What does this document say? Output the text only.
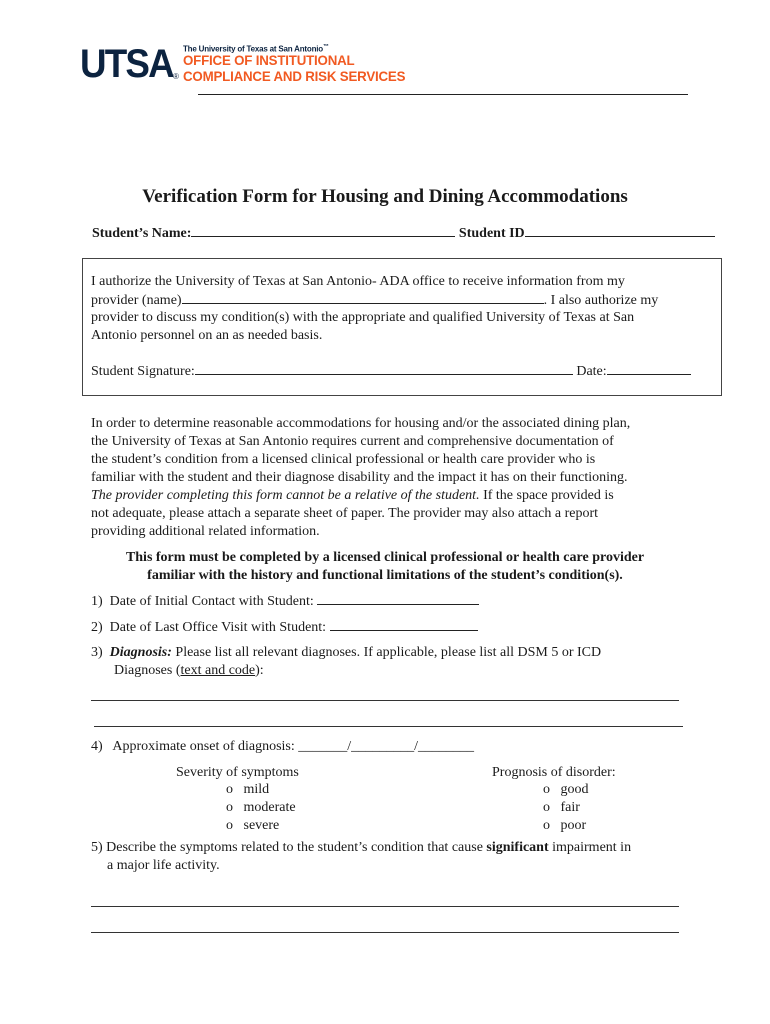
UTSA ®
The University of Texas at San Antonio™
OFFICE OF INSTITUTIONAL
COMPLIANCE AND RISK SERVICES
Verification Form for Housing and Dining Accommodations
Student’s Name:	Student ID
I authorize the University of Texas at San Antonio- ADA office to receive information from my
provider (name)	. I also authorize my
provider to discuss my condition(s) with the appropriate and qualified University of Texas at San
Antonio personnel on an as needed basis.
Student Signature:	Date:
In order to determine reasonable accommodations for housing and/or the associated dining plan,
the University of Texas at San Antonio requires current and comprehensive documentation of
the student’s condition from a licensed clinical professional or health care provider who is
familiar with the student and their diagnose disability and the impact it has on their functioning.
The provider completing this form cannot be a relative of the student. If the space provided is
not adequate, please attach a separate sheet of paper. The provider may also attach a report
providing additional related information.
This form must be completed by a licensed clinical professional or health care provider
familiar with the history and functional limitations of the student’s condition(s).
1) Date of Initial Contact with Student:
2) Date of Last Office Visit with Student:
3) Diagnosis: Please list all relevant diagnoses. If applicable, please list all DSM 5 or ICD
Diagnoses (text and code):
4) Approximate onset of diagnosis: _______/_________/________
Severity of symptoms
o mild
o moderate
o severe
Prognosis of disorder:
o good
o fair
o poor
5) Describe the symptoms related to the student’s condition that cause significant impairment in
a major life activity.
